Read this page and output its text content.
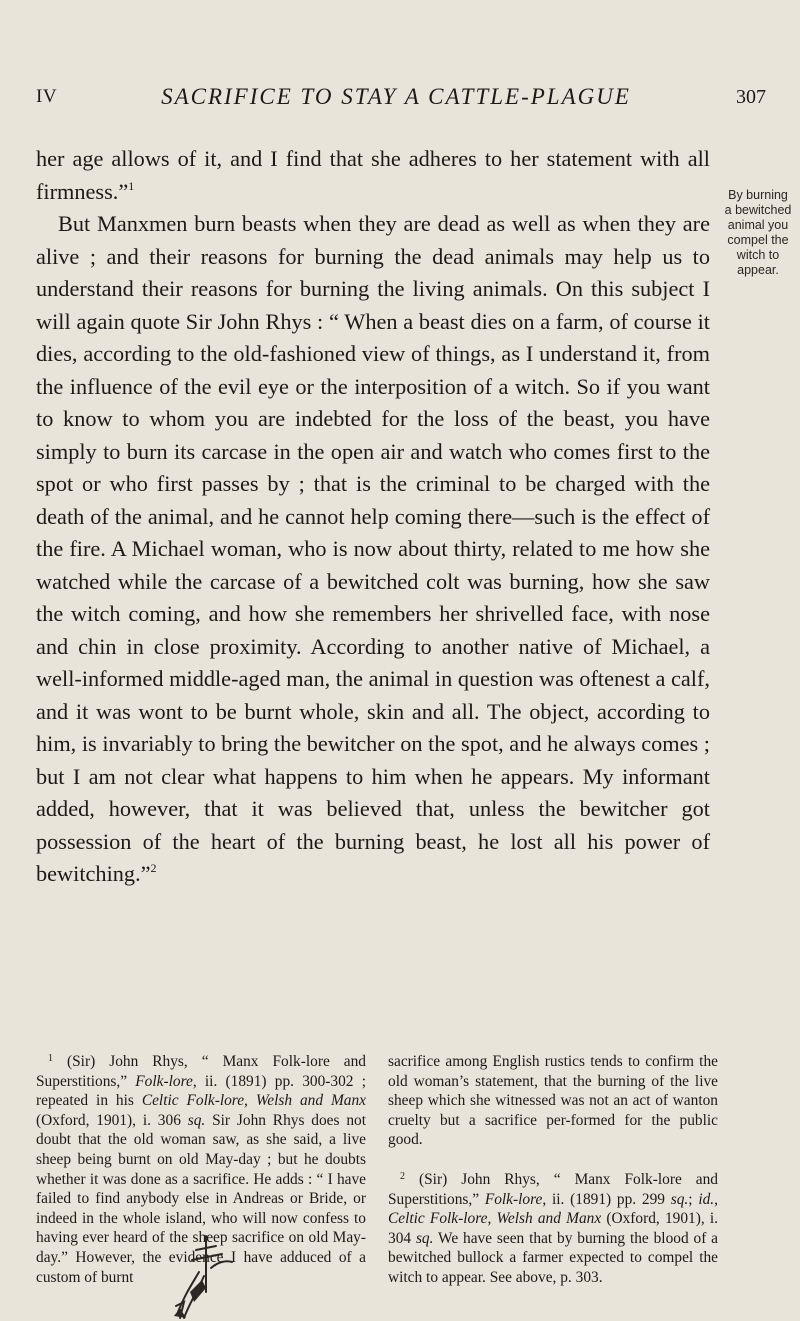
IV	SACRIFICE TO STAY A CATTLE-PLAGUE	307

her age allows of it, and I find that she adheres to her statement with all firmness.”$^1$

But Manxmen burn beasts when they are dead as well as when they are alive ; and their reasons for burning the dead animals may help us to understand their reasons for burning the living animals. On this subject I will again quote Sir John Rhys : “ When a beast dies on a farm, of course it dies, according to the old-fashioned view of things, as I understand it, from the influence of the evil eye or the interposition of a witch. So if you want to know to whom you are indebted for the loss of the beast, you have simply to burn its carcase in the open air and watch who comes first to the spot or who first passes by ; that is the criminal to be charged with the death of the animal, and he cannot help coming there—such is the effect of the fire. A Michael woman, who is now about thirty, related to me how she watched while the carcase of a bewitched colt was burning, how she saw the witch coming, and how she remembers her shrivelled face, with nose and chin in close proximity. According to another native of Michael, a well-informed middle-aged man, the animal in question was oftenest a calf, and it was wont to be burnt whole, skin and all. The object, according to him, is invariably to bring the bewitcher on the spot, and he always comes ; but I am not clear what happens to him when he appears. My informant added, however, that it was believed that, unless the bewitcher got possession of the heart of the burning beast, he lost all his power of bewitching.”$^2$

By burning
a bewitched
animal you
compel the
witch to
appear.

$^1$ (Sir) John Rhys, “ Manx Folk-lore and Superstitions,” Folk-lore, ii. (1891) pp. 300-302 ; repeated in his Celtic Folk-lore, Welsh and Manx (Oxford, 1901), i. 306 sq. Sir John Rhys does not doubt that the old woman saw, as she said, a live sheep being burnt on old May-day ; but he doubts whether it was done as a sacrifice. He adds : “ I have failed to find anybody else in Andreas or Bride, or indeed in the whole island, who will now confess to having ever heard of the sheep sacrifice on old May-day.” However, the evidence I have adduced of a custom of burnt

sacrifice among English rustics tends to confirm the old woman’s statement, that the burning of the live sheep which she witnessed was not an act of wanton cruelty but a sacrifice per-formed for the public good.

$^2$ (Sir) John Rhys, “ Manx Folk-lore and Superstitions,” Folk-lore, ii. (1891) pp. 299 sq.; id., Celtic Folk-lore, Welsh and Manx (Oxford, 1901), i. 304 sq. We have seen that by burning the blood of a bewitched bullock a farmer expected to compel the witch to appear. See above, p. 303.
